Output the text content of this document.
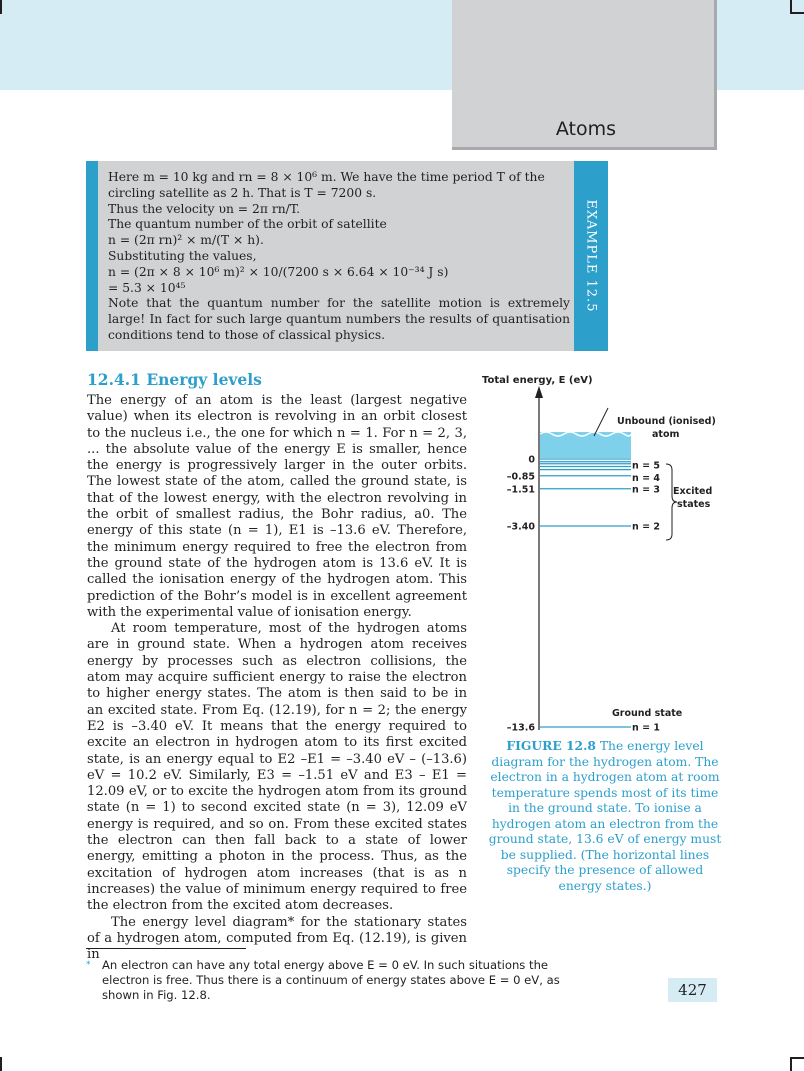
Atoms
Here m = 10 kg and rn = 8 × 10⁶ m. We have the time period T of the
circling satellite as 2 h. That is T = 7200 s.
Thus the velocity υn = 2π rn/T.
The quantum number of the orbit of satellite
n = (2π rn)² × m/(T × h).
Substituting the values,
n = (2π × 8 × 10⁶ m)² × 10/(7200 s × 6.64 × 10⁻³⁴ J s)
= 5.3 × 10⁴⁵
Note that the quantum number for the satellite motion is extremely large! In fact for such large quantum numbers the results of quantisation conditions tend to those of classical physics.
EXAMPLE 12.5
12.4.1 Energy levels

The energy of an atom is the least (largest negative value) when its electron is revolving in an orbit closest to the nucleus i.e., the one for which n = 1. For n = 2, 3, ... the absolute value of the energy E is smaller, hence the energy is progressively larger in the outer orbits. The lowest state of the atom, called the ground state, is that of the lowest energy, with the electron revolving in the orbit of smallest radius, the Bohr radius, a0. The energy of this state (n = 1), E1 is –13.6 eV. Therefore, the minimum energy required to free the electron from the ground state of the hydrogen atom is 13.6 eV. It is called the ionisation energy of the hydrogen atom. This prediction of the Bohr’s model is in excellent agreement with the experimental value of ionisation energy.

At room temperature, most of the hydrogen atoms are in ground state. When a hydrogen atom receives energy by processes such as electron collisions, the atom may acquire sufficient energy to raise the electron to higher energy states. The atom is then said to be in an excited state. From Eq. (12.19), for n = 2; the energy E2 is –3.40 eV. It means that the energy required to excite an electron in hydrogen atom to its first excited state, is an energy equal to E2 –E1 = –3.40 eV – (–13.6) eV = 10.2 eV. Similarly, E3 = –1.51 eV and E3 – E1 = 12.09 eV, or to excite the hydrogen atom from its ground state (n = 1) to second excited state (n = 3), 12.09 eV energy is required, and so on. From these excited states the electron can then fall back to a state of lower energy, emitting a photon in the process. Thus, as the excitation of hydrogen atom increases (that is as n increases) the value of minimum energy required to free the electron from the excited atom decreases.

The energy level diagram* for the stationary states of a hydrogen atom, computed from Eq. (12.19), is given in

Total energy, E (eV)
Unbound (ionised)
atom
0
n = 5
–0.85	n = 4
–1.51	n = 3
–3.40	n = 2
–13.6	n = 1
Excited
states
Ground state
FIGURE 12.8 The energy level diagram for the hydrogen atom. The electron in a hydrogen atom at room temperature spends most of its time in the ground state. To ionise a hydrogen atom an electron from the ground state, 13.6 eV of energy must be supplied. (The horizontal lines specify the presence of allowed energy states.)
* An electron can have any total energy above E = 0 eV. In such situations the electron is free. Thus there is a continuum of energy states above E = 0 eV, as shown in Fig. 12.8.	427
